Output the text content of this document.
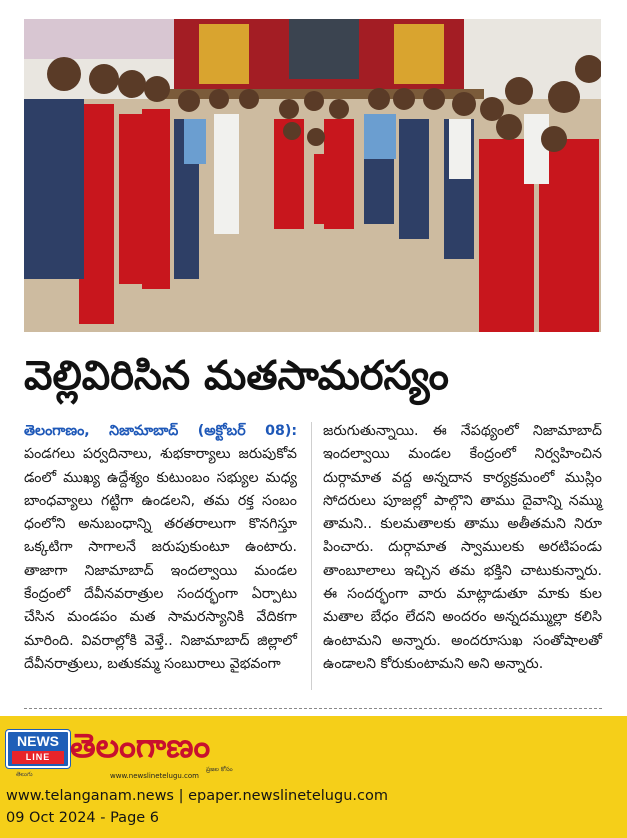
వెల్లివిరిసిన మతసామరస్యం

తెలంగాణం, నిజామాబాద్ (అక్టోబర్ 08): పండగలు పర్వదినాలు, శుభకార్యాలు జరుపుకోవ డంలో ముఖ్య ఉద్దేశ్యం కుటుంబం సభ్యుల మధ్య బాంధవ్యాలు గట్టిగా ఉండలని, తమ రక్త సంబం ధంలోని అనుబంధాన్ని తరతరాలుగా కొనగిస్తూ ఒక్కటిగా సాగాలనే జరుపుకుంటూ ఉంటారు. తాజాగా నిజామాబాద్ ఇందల్వాయి మండల కేంద్రంలో దేవీనవరాత్రుల సందర్భంగా ఏర్పాటు చేసిన మండపం మత సామరస్యానికి వేదికగా మారింది. వివరాల్లోకి వెళ్తే.. నిజామాబాద్ జిల్లాలో దేవీనరాత్రులు, బతుకమ్మ సంబురాలు వైభవంగా

జరుగుతున్నాయి. ఈ నేపథ్యంలో నిజామాబాద్ ఇందల్వాయి మండల కేంద్రంలో నిర్వహించిన దుర్గామాత వద్ద అన్నదాన కార్యక్రమంలో ముస్లిం సోదరులు పూజల్లో పాల్గొని తాము దైవాన్ని నమ్ము తామని.. కులమతాలకు తాము అతీతమని నిరూ పించారు. దుర్గామాత స్వాములకు అరటిపండు తాంబూలాలు ఇచ్చిన తమ భక్తిని చాటుకున్నారు. ఈ సందర్భంగా వారు మాట్లాడుతూ మాకు కుల మతాల బేధం లేదని అందరం అన్నదమ్ముల్లా కలిసి ఉంటామని అన్నారు. అందరూసుఖ సంతోషాలతో ఉండాలని కోరుకుంటామని అని అన్నారు.

NEWS
LINE
తెలుగు
తెలంగాణం
www.newslinetelugu.com
ప్రజల కోసం
www.telanganam.news | epaper.newslinetelugu.com
09 Oct 2024 - Page 6
